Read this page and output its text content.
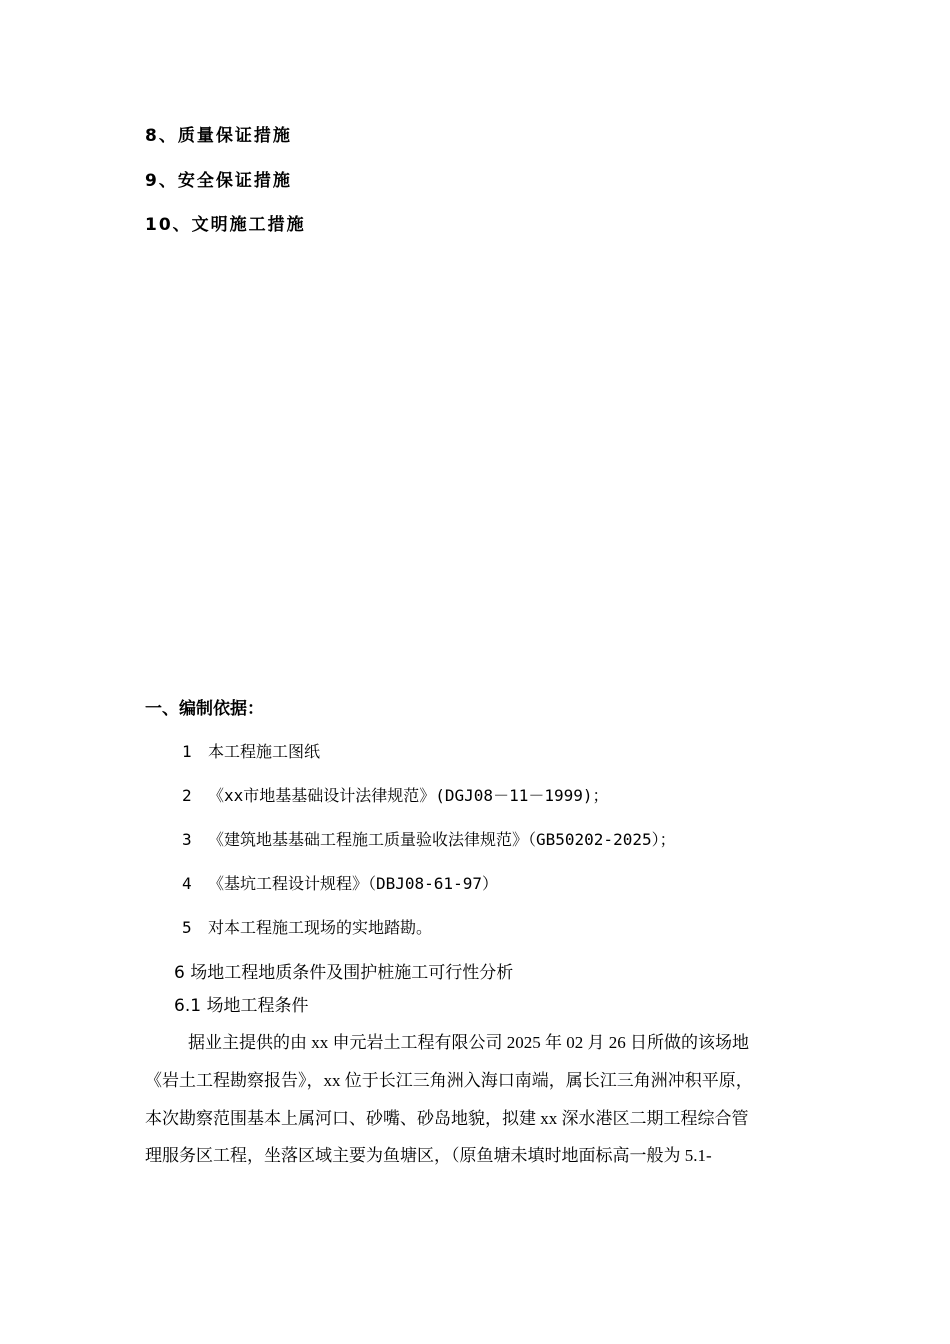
8、质量保证措施
9、安全保证措施
10、文明施工措施
一、编制依据：
1 本工程施工图纸
2 《xx市地基基础设计法律规范》(DGJ08－11－1999)；
3 《建筑地基基础工程施工质量验收法律规范》（GB50202-2025）；
4 《基坑工程设计规程》（DBJ08-61-97）
5 对本工程施工现场的实地踏勘。
6 场地工程地质条件及围护桩施工可行性分析
6.1 场地工程条件
据业主提供的由 xx 申元岩土工程有限公司 2025 年 02 月 26 日所做的该场地
《岩土工程勘察报告》，xx 位于长江三角洲入海口南端，属长江三角洲冲积平原，
本次勘察范围基本上属河口、砂嘴、砂岛地貌，拟建 xx 深水港区二期工程综合管
理服务区工程，坐落区域主要为鱼塘区，（原鱼塘未填时地面标高一般为 5.1-
